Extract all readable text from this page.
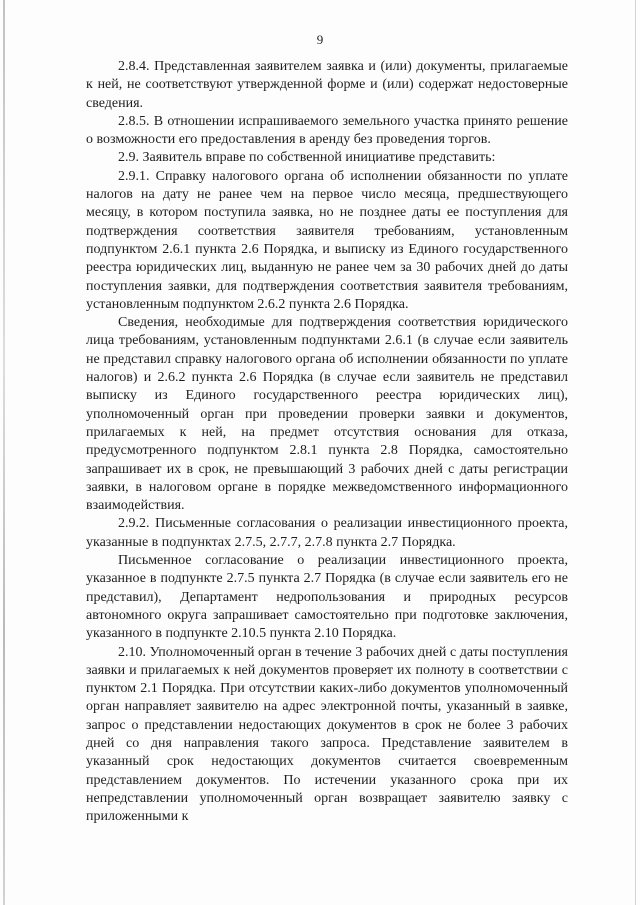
9

2.8.4. Представленная заявителем заявка и (или) документы, прилагаемые к ней, не соответствуют утвержденной форме и (или) содержат недостоверные сведения.

2.8.5. В отношении испрашиваемого земельного участка принято решение о возможности его предоставления в аренду без проведения торгов.

2.9. Заявитель вправе по собственной инициативе представить:

2.9.1. Справку налогового органа об исполнении обязанности по уплате налогов на дату не ранее чем на первое число месяца, предшествующего месяцу, в котором поступила заявка, но не позднее даты ее поступления для подтверждения соответствия заявителя требованиям, установленным подпунктом 2.6.1 пункта 2.6 Порядка, и выписку из Единого государственного реестра юридических лиц, выданную не ранее чем за 30 рабочих дней до даты поступления заявки, для подтверждения соответствия заявителя требованиям, установленным подпунктом 2.6.2 пункта 2.6 Порядка.

Сведения, необходимые для подтверждения соответствия юридического лица требованиям, установленным подпунктами 2.6.1 (в случае если заявитель не представил справку налогового органа об исполнении обязанности по уплате налогов) и 2.6.2 пункта 2.6 Порядка (в случае если заявитель не представил выписку из Единого государственного реестра юридических лиц), уполномоченный орган при проведении проверки заявки и документов, прилагаемых к ней, на предмет отсутствия основания для отказа, предусмотренного подпунктом 2.8.1 пункта 2.8 Порядка, самостоятельно запрашивает их в срок, не превышающий 3 рабочих дней с даты регистрации заявки, в налоговом органе в порядке межведомственного информационного взаимодействия.

2.9.2. Письменные согласования о реализации инвестиционного проекта, указанные в подпунктах 2.7.5, 2.7.7, 2.7.8 пункта 2.7 Порядка.

Письменное согласование о реализации инвестиционного проекта, указанное в подпункте 2.7.5 пункта 2.7 Порядка (в случае если заявитель его не представил), Департамент недропользования и природных ресурсов автономного округа запрашивает самостоятельно при подготовке заключения, указанного в подпункте 2.10.5 пункта 2.10 Порядка.

2.10. Уполномоченный орган в течение 3 рабочих дней с даты поступления заявки и прилагаемых к ней документов проверяет их полноту в соответствии с пунктом 2.1 Порядка. При отсутствии каких-либо документов уполномоченный орган направляет заявителю на адрес электронной почты, указанный в заявке, запрос о представлении недостающих документов в срок не более 3 рабочих дней со дня направления такого запроса. Представление заявителем в указанный срок недостающих документов считается своевременным представлением документов. По истечении указанного срока при их непредставлении уполномоченный орган возвращает заявителю заявку с приложенными к
